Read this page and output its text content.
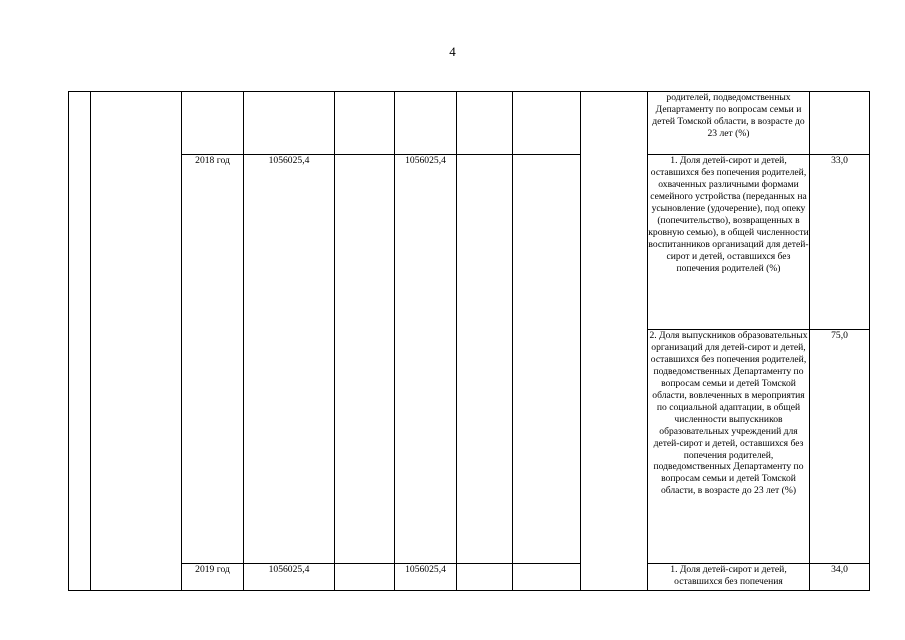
4
									родителей, подведомственных Департаменту по вопросам семьи и детей Томской области, в возрасте до 23 лет (%)	
		2018 год	1056025,4		1056025,4				1. Доля детей-сирот и детей, оставшихся без попечения родителей, охваченных различными формами семейного устройства (переданных на усыновление (удочерение), под опеку (попечительство), возвращенных в кровную семью), в общей численности воспитанников организаций для детей-сирот и детей, оставшихся без попечения родителей (%)	33,0
									2. Доля выпускников образовательных организаций для детей-сирот и детей, оставшихся без попечения родителей, подведомственных Департаменту по вопросам семьи и детей Томской области, вовлеченных в мероприятия по социальной адаптации, в общей численности выпускников образовательных учреждений для детей-сирот и детей, оставшихся без попечения родителей, подведомственных Департаменту по вопросам семьи и детей Томской области, в возрасте до 23 лет (%)	75,0
		2019 год	1056025,4		1056025,4				1. Доля детей-сирот и детей, оставшихся без попечения	34,0
